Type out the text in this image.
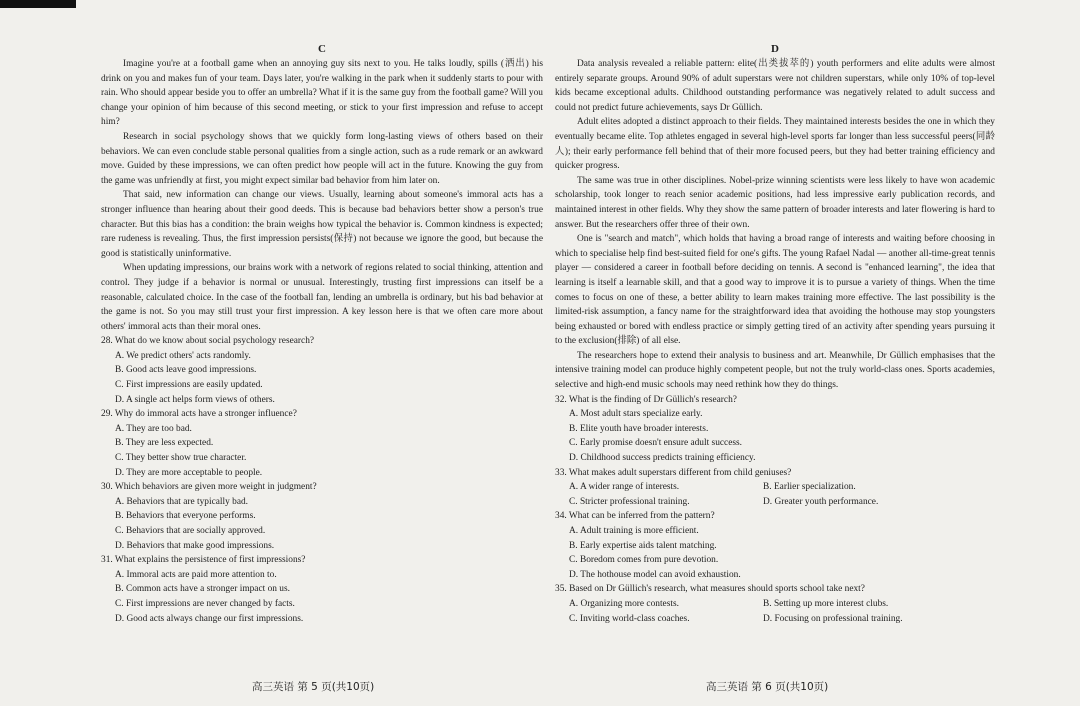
C

Imagine you're at a football game when an annoying guy sits next to you. He talks loudly, spills (洒出) his drink on you and makes fun of your team. Days later, you're walking in the park when it suddenly starts to pour with rain. Who should appear beside you to offer an umbrella? What if it is the same guy from the football game? Will you change your opinion of him because of this second meeting, or stick to your first impression and refuse to accept him?

Research in social psychology shows that we quickly form long-lasting views of others based on their behaviors. We can even conclude stable personal qualities from a single action, such as a rude remark or an awkward move. Guided by these impressions, we can often predict how people will act in the future. Knowing the guy from the game was unfriendly at first, you might expect similar bad behavior from him later on.

That said, new information can change our views. Usually, learning about someone's immoral acts has a stronger influence than hearing about their good deeds. This is because bad behaviors better show a person's true character. But this bias has a condition: the brain weighs how typical the behavior is. Common kindness is expected; rare rudeness is revealing. Thus, the first impression persists(保持) not because we ignore the good, but because the good is statistically uninformative.

When updating impressions, our brains work with a network of regions related to social thinking, attention and control. They judge if a behavior is normal or unusual. Interestingly, trusting first impressions can itself be a reasonable, calculated choice. In the case of the football fan, lending an umbrella is ordinary, but his bad behavior at the game is not. So you may still trust your first impression. A key lesson here is that we often care more about others' immoral acts than their moral ones.

28. What do we know about social psychology research?

A. We predict others' acts randomly.

B. Good acts leave good impressions.

C. First impressions are easily updated.

D. A single act helps form views of others.

29. Why do immoral acts have a stronger influence?

A. They are too bad.

B. They are less expected.

C. They better show true character.

D. They are more acceptable to people.

30. Which behaviors are given more weight in judgment?

A. Behaviors that are typically bad.

B. Behaviors that everyone performs.

C. Behaviors that are socially approved.

D. Behaviors that make good impressions.

31. What explains the persistence of first impressions?

A. Immoral acts are paid more attention to.

B. Common acts have a stronger impact on us.

C. First impressions are never changed by facts.

D. Good acts always change our first impressions.

D

Data analysis revealed a reliable pattern: elite(出类拔萃的) youth performers and elite adults were almost entirely separate groups. Around 90% of adult superstars were not children superstars, while only 10% of top-level kids became exceptional adults. Childhood outstanding performance was negatively related to adult success and could not predict future achievements, says Dr Güllich.

Adult elites adopted a distinct approach to their fields. They maintained interests besides the one in which they eventually became elite. Top athletes engaged in several high-level sports far longer than less successful peers(同龄人); their early performance fell behind that of their more focused peers, but they had better training efficiency and quicker progress.

The same was true in other disciplines. Nobel-prize winning scientists were less likely to have won academic scholarship, took longer to reach senior academic positions, had less impressive early publication records, and maintained interest in other fields. Why they show the same pattern of broader interests and later flowering is hard to answer. But the researchers offer three of their own.

One is "search and match", which holds that having a broad range of interests and waiting before choosing in which to specialise help find best-suited field for one's gifts. The young Rafael Nadal — another all-time-great tennis player — considered a career in football before deciding on tennis. A second is "enhanced learning", the idea that learning is itself a learnable skill, and that a good way to improve it is to pursue a variety of things. When the time comes to focus on one of these, a better ability to learn makes training more effective. The last possibility is the limited-risk assumption, a fancy name for the straightforward idea that avoiding the hothouse may stop youngsters being exhausted or bored with endless practice or simply getting tired of an activity after spending years pursuing it to the exclusion(排除) of all else.

The researchers hope to extend their analysis to business and art. Meanwhile, Dr Güllich emphasises that the intensive training model can produce highly competent people, but not the truly world-class ones. Sports academies, selective and high-end music schools may need rethink how they do things.

32. What is the finding of Dr Güllich's research?

A. Most adult stars specialize early.

B. Elite youth have broader interests.

C. Early promise doesn't ensure adult success.

D. Childhood success predicts training efficiency.

33. What makes adult superstars different from child geniuses?

A. A wider range of interests.	B. Earlier specialization.
C. Stricter professional training.	D. Greater youth performance.

34. What can be inferred from the pattern?

A. Adult training is more efficient.

B. Early expertise aids talent matching.

C. Boredom comes from pure devotion.

D. The hothouse model can avoid exhaustion.

35. Based on Dr Güllich's research, what measures should sports school take next?

A. Organizing more contests.	B. Setting up more interest clubs.
C. Inviting world-class coaches.	D. Focusing on professional training.
高三英语 第 5 页(共10页)	高三英语 第 6 页(共10页)
